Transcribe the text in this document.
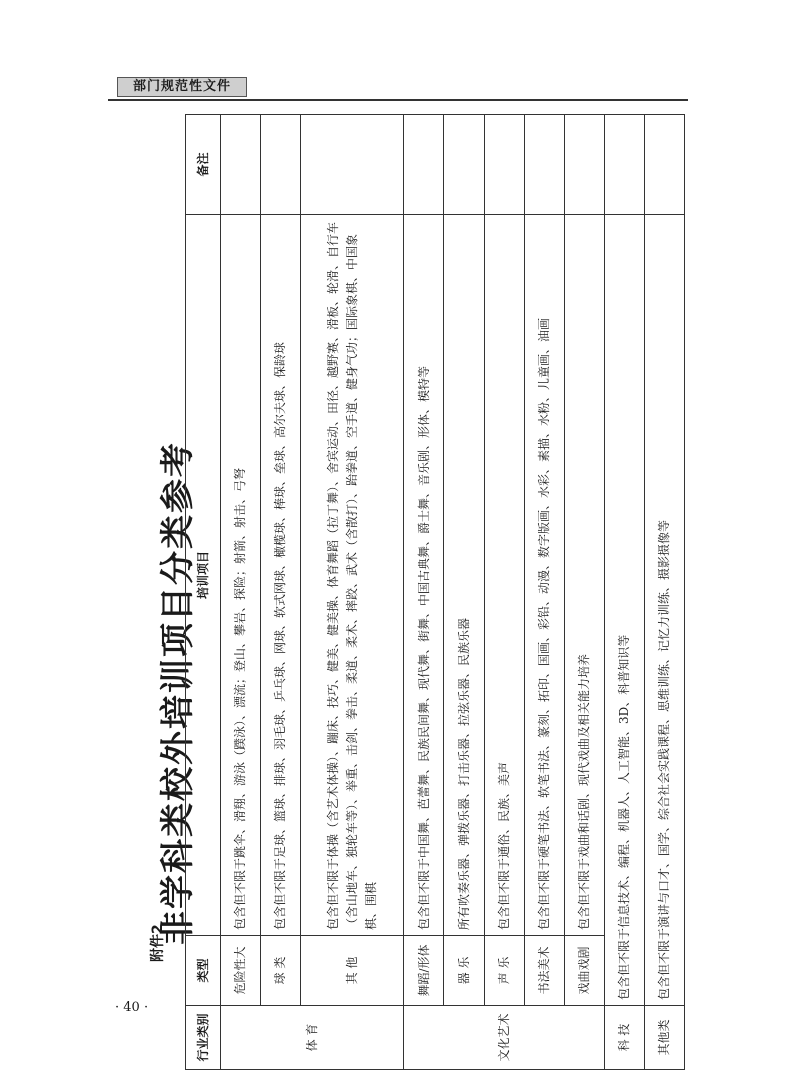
部门规范性文件
附件2
非学科类校外培训项目分类参考
行业类别	类型	培训项目	备注
体 育	危险性大	包含但不限于跳伞、滑翔、游泳（蹼泳）、漂流；登山、攀岩、探险；射箭、射击、弓弩	
	球 类	包含但不限于足球、篮球、排球、羽毛球、乒乓球、网球、软式网球、橄榄球、棒球、垒球、高尔夫球、保龄球	
	其 他	包含但不限于体操（含艺术体操）、蹦床、技巧、健美、健美操、体育舞蹈（拉丁舞）、舍宾运动、田径、越野赛、滑板、轮滑、自行车（含山地车、独轮车等）、举重、击剑、拳击、柔道、柔术、摔跤、武术（含散打）、跆拳道、空手道、健身气功；国际象棋、中国象棋、围棋	
文化艺术	舞蹈/形体	包含但不限于中国舞、芭蕾舞、民族民间舞、现代舞、街舞、中国古典舞、爵士舞、音乐剧、形体、模特等	
	器 乐	所有吹奏乐器、弹拨乐器、打击乐器、拉弦乐器、民族乐器	
	声 乐	包含但不限于通俗、民族、美声	
	书法美术	包含但不限于硬笔书法、软笔书法、篆刻、拓印、国画、彩铅、动漫、数字版画、水彩、素描、水粉、儿童画、油画	
	戏曲戏剧	包含但不限于戏曲和话剧、现代戏曲及相关能力培养	
科 技	包含但不限于信息技术、编程、机器人、人工智能、3D、科普知识等		
其他类	包含但不限于演讲与口才、国学、综合社会实践课程、思维训练、记忆力训练、摄影摄像等		
· 40 ·
